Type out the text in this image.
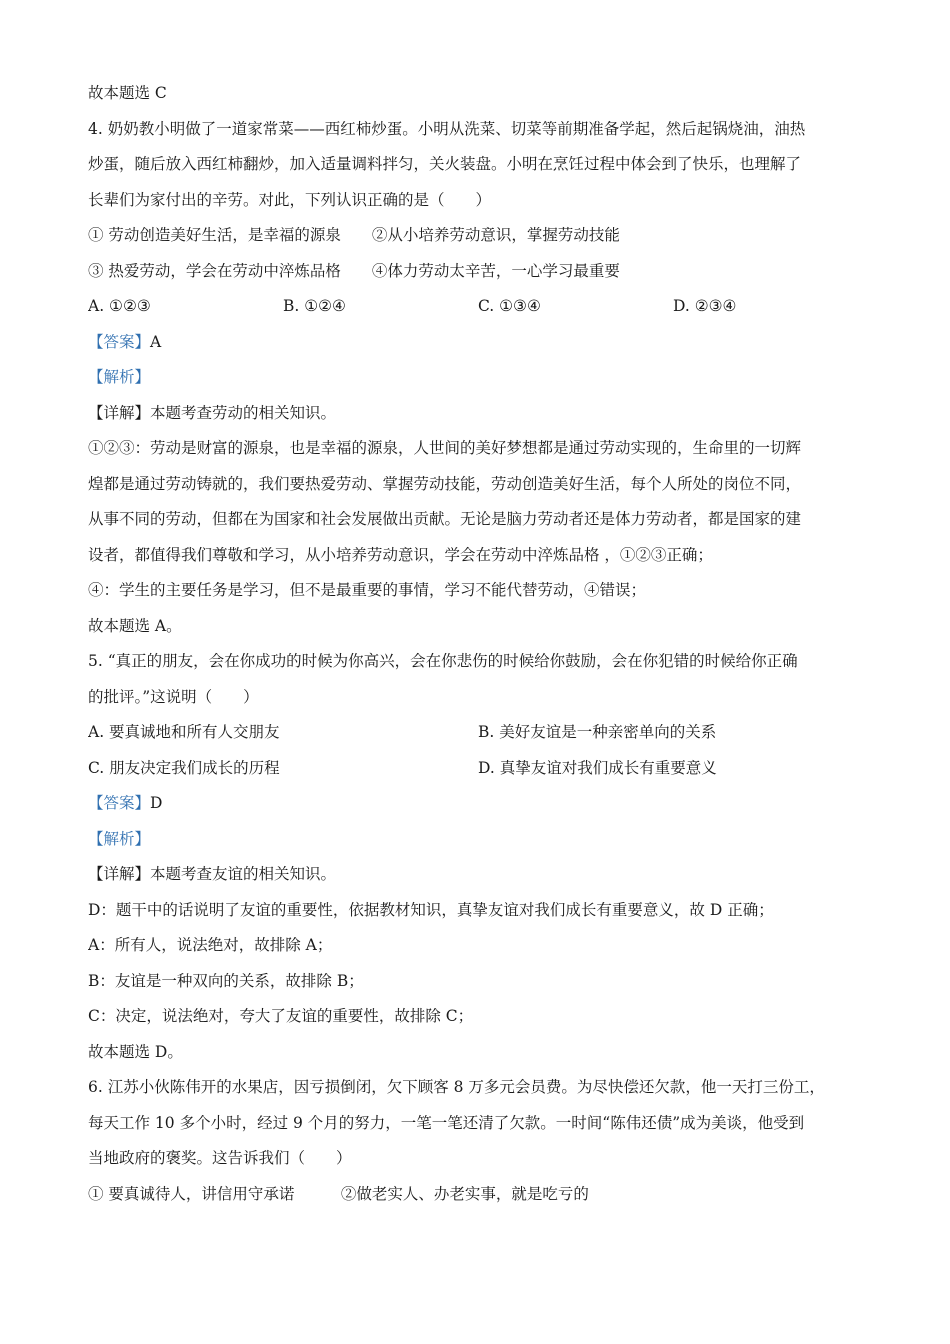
故本题选 C
4. 奶奶教小明做了一道家常菜——西红柿炒蛋。小明从洗菜、切菜等前期准备学起，然后起锅烧油，油热
炒蛋，随后放入西红柿翻炒，加入适量调料拌匀，关火装盘。小明在烹饪过程中体会到了快乐，也理解了
长辈们为家付出的辛劳。对此，下列认识正确的是（　　）
① 劳动创造美好生活，是幸福的源泉　　②从小培养劳动意识，掌握劳动技能
③ 热爱劳动，学会在劳动中淬炼品格　　④体力劳动太辛苦，一心学习最重要
A. ①②③	B. ①②④	C. ①③④	D. ②③④
【答案】A
【解析】
【详解】本题考查劳动的相关知识。
①②③：劳动是财富的源泉，也是幸福的源泉，人世间的美好梦想都是通过劳动实现的，生命里的一切辉
煌都是通过劳动铸就的，我们要热爱劳动、掌握劳动技能，劳动创造美好生活，每个人所处的岗位不同，
从事不同的劳动，但都在为国家和社会发展做出贡献。无论是脑力劳动者还是体力劳动者，都是国家的建
设者，都值得我们尊敬和学习，从小培养劳动意识，学会在劳动中淬炼品格 ，①②③正确；
④：学生的主要任务是学习，但不是最重要的事情，学习不能代替劳动，④错误；
故本题选 A。
5. “真正的朋友，会在你成功的时候为你高兴，会在你悲伤的时候给你鼓励，会在你犯错的时候给你正确
的批评。”这说明（　　）
A. 要真诚地和所有人交朋友	B. 美好友谊是一种亲密单向的关系
C. 朋友决定我们成长的历程	D. 真挚友谊对我们成长有重要意义
【答案】D
【解析】
【详解】本题考查友谊的相关知识。
D：题干中的话说明了友谊的重要性，依据教材知识，真挚友谊对我们成长有重要意义，故 D 正确；
A：所有人，说法绝对，故排除 A；
B：友谊是一种双向的关系，故排除 B；
C：决定，说法绝对，夸大了友谊的重要性，故排除 C；
故本题选 D。
6. 江苏小伙陈伟开的水果店，因亏损倒闭，欠下顾客 8 万多元会员费。为尽快偿还欠款，他一天打三份工，
每天工作 10 多个小时，经过 9 个月的努力，一笔一笔还清了欠款。一时间“陈伟还债”成为美谈，他受到
当地政府的褒奖。这告诉我们（　　）
① 要真诚待人，讲信用守承诺　　　②做老实人、办老实事，就是吃亏的
